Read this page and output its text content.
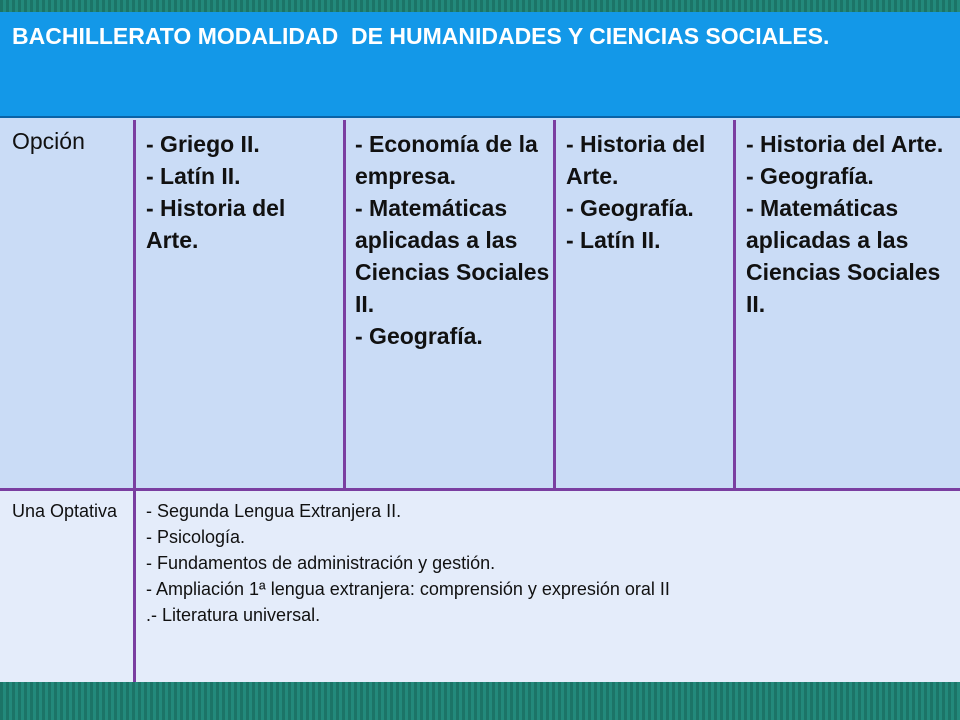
BACHILLERATO MODALIDAD  DE HUMANIDADES Y CIENCIAS SOCIALES.
Opción	- Griego II.
- Latín II.
- Historia del Arte.
- Economía de la empresa.
- Matemáticas aplicadas a las Ciencias Sociales II.
- Geografía.
- Historia del Arte.
- Geografía.
- Latín II.
- Historia del Arte.
- Geografía.
- Matemáticas aplicadas a las Ciencias Sociales II.
Una Optativa - Segunda Lengua Extranjera II.
- Psicología.
- Fundamentos de administración y gestión.
- Ampliación 1ª lengua extranjera: comprensión y expresión oral II
.- Literatura universal.
